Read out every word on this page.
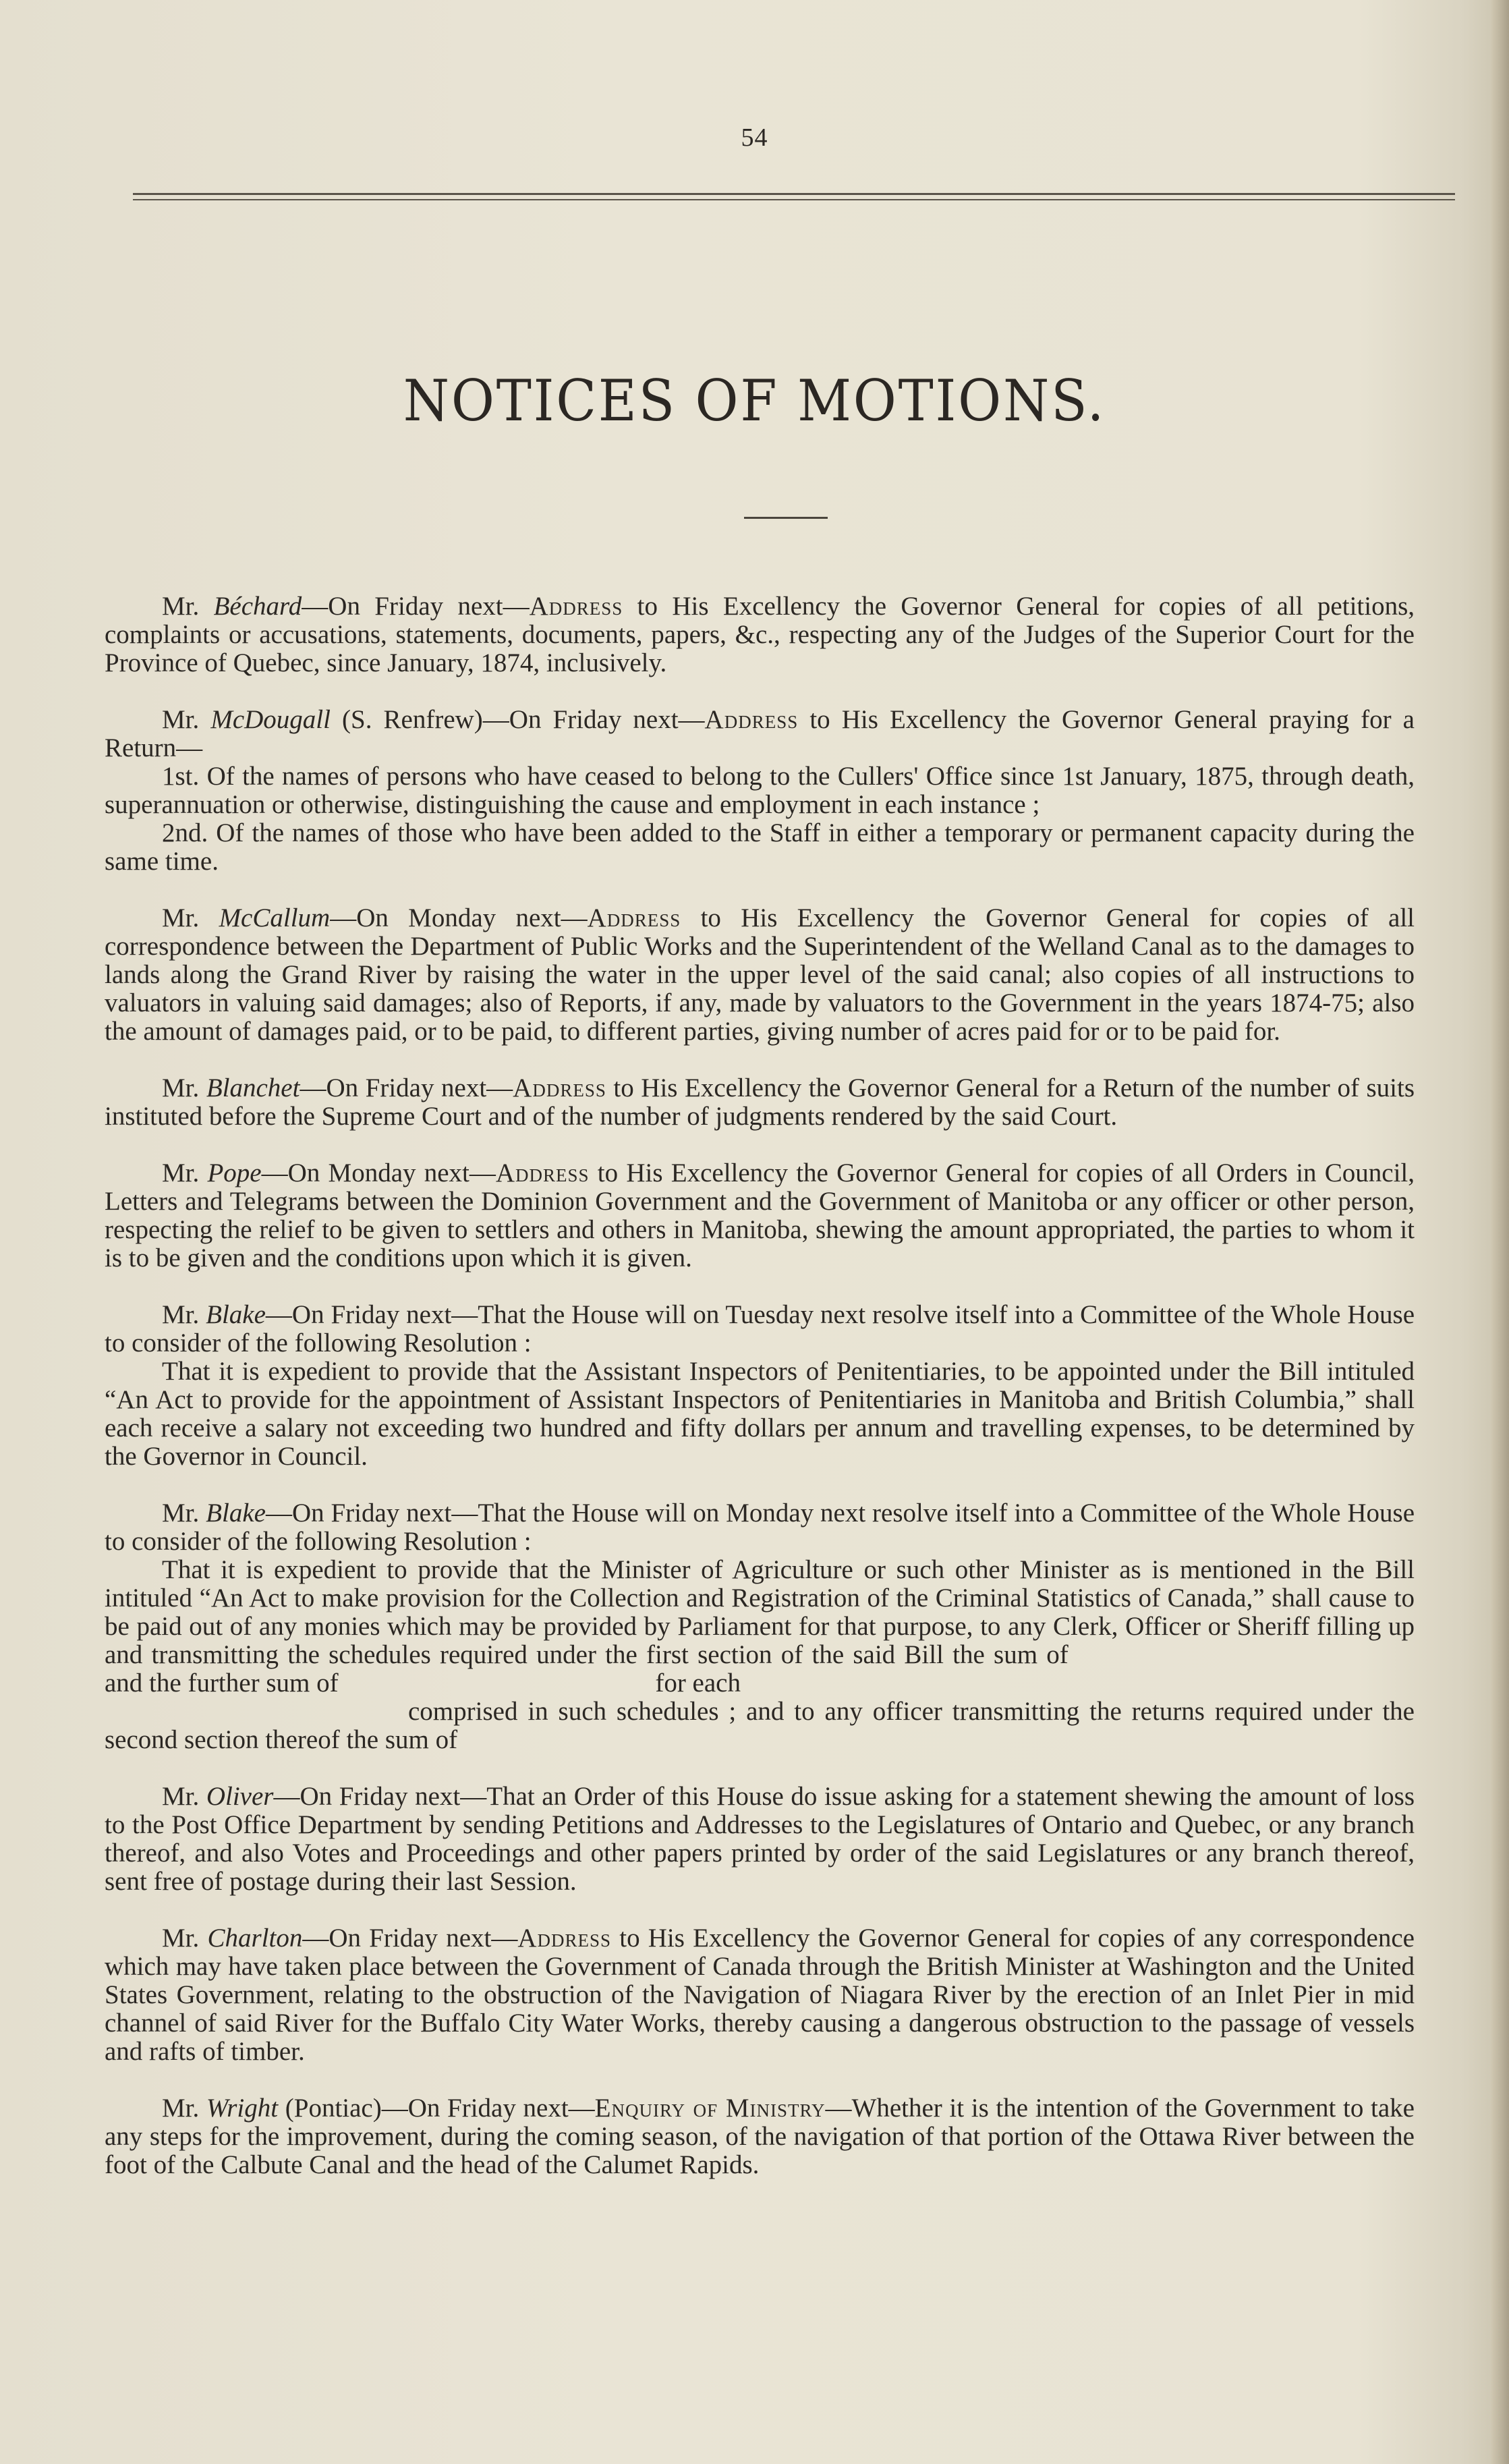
54
NOTICES OF MOTIONS.

Mr. Béchard—On Friday next—Address to His Excellency the Governor General for copies of all petitions, complaints or accusations, statements, documents, papers, &c., respecting any of the Judges of the Superior Court for the Province of Quebec, since January, 1874, inclusively.

Mr. McDougall (S. Renfrew)—On Friday next—Address to His Excellency the Governor General praying for a Return—

1st. Of the names of persons who have ceased to belong to the Cullers' Office since 1st January, 1875, through death, superannuation or otherwise, distinguishing the cause and employment in each instance ;

2nd. Of the names of those who have been added to the Staff in either a temporary or permanent capacity during the same time.

Mr. McCallum—On Monday next—Address to His Excellency the Governor General for copies of all correspondence between the Department of Public Works and the Superintendent of the Welland Canal as to the damages to lands along the Grand River by raising the water in the upper level of the said canal; also copies of all instructions to valuators in valuing said damages; also of Reports, if any, made by valuators to the Government in the years 1874-75; also the amount of damages paid, or to be paid, to different parties, giving number of acres paid for or to be paid for.

Mr. Blanchet—On Friday next—Address to His Excellency the Governor General for a Return of the number of suits instituted before the Supreme Court and of the number of judgments rendered by the said Court.

Mr. Pope—On Monday next—Address to His Excellency the Governor General for copies of all Orders in Council, Letters and Telegrams between the Dominion Government and the Government of Manitoba or any officer or other person, respecting the relief to be given to settlers and others in Manitoba, shewing the amount appropriated, the parties to whom it is to be given and the conditions upon which it is given.

Mr. Blake—On Friday next—That the House will on Tuesday next resolve itself into a Committee of the Whole House to consider of the following Resolution :

That it is expedient to provide that the Assistant Inspectors of Penitentiaries, to be appointed under the Bill intituled “An Act to provide for the appointment of Assistant Inspectors of Penitentiaries in Manitoba and British Columbia,” shall each receive a salary not exceeding two hundred and fifty dollars per annum and travelling expenses, to be determined by the Governor in Council.

Mr. Blake—On Friday next—That the House will on Monday next resolve itself into a Committee of the Whole House to consider of the following Resolution :

That it is expedient to provide that the Minister of Agriculture or such other Minister as is mentioned in the Bill intituled “An Act to make provision for the Collection and Registration of the Criminal Statistics of Canada,” shall cause to be paid out of any monies which may be provided by Parliament for that purpose, to any Clerk, Officer or Sheriff filling up and transmitting the schedules required under the first section of the said Bill the sum of and the further sum of	for each
comprised in such schedules ; and to any officer transmitting the returns required under the second section thereof the sum of

Mr. Oliver—On Friday next—That an Order of this House do issue asking for a statement shewing the amount of loss to the Post Office Department by sending Petitions and Addresses to the Legislatures of Ontario and Quebec, or any branch thereof, and also Votes and Proceedings and other papers printed by order of the said Legislatures or any branch thereof, sent free of postage during their last Session.

Mr. Charlton—On Friday next—Address to His Excellency the Governor General for copies of any correspondence which may have taken place between the Government of Canada through the British Minister at Washington and the United States Government, relating to the obstruction of the Navigation of Niagara River by the erection of an Inlet Pier in mid channel of said River for the Buffalo City Water Works, thereby causing a dangerous obstruction to the passage of vessels and rafts of timber.

Mr. Wright (Pontiac)—On Friday next—Enquiry of Ministry—Whether it is the intention of the Government to take any steps for the improvement, during the coming season, of the navigation of that portion of the Ottawa River between the foot of the Calbute Canal and the head of the Calumet Rapids.
